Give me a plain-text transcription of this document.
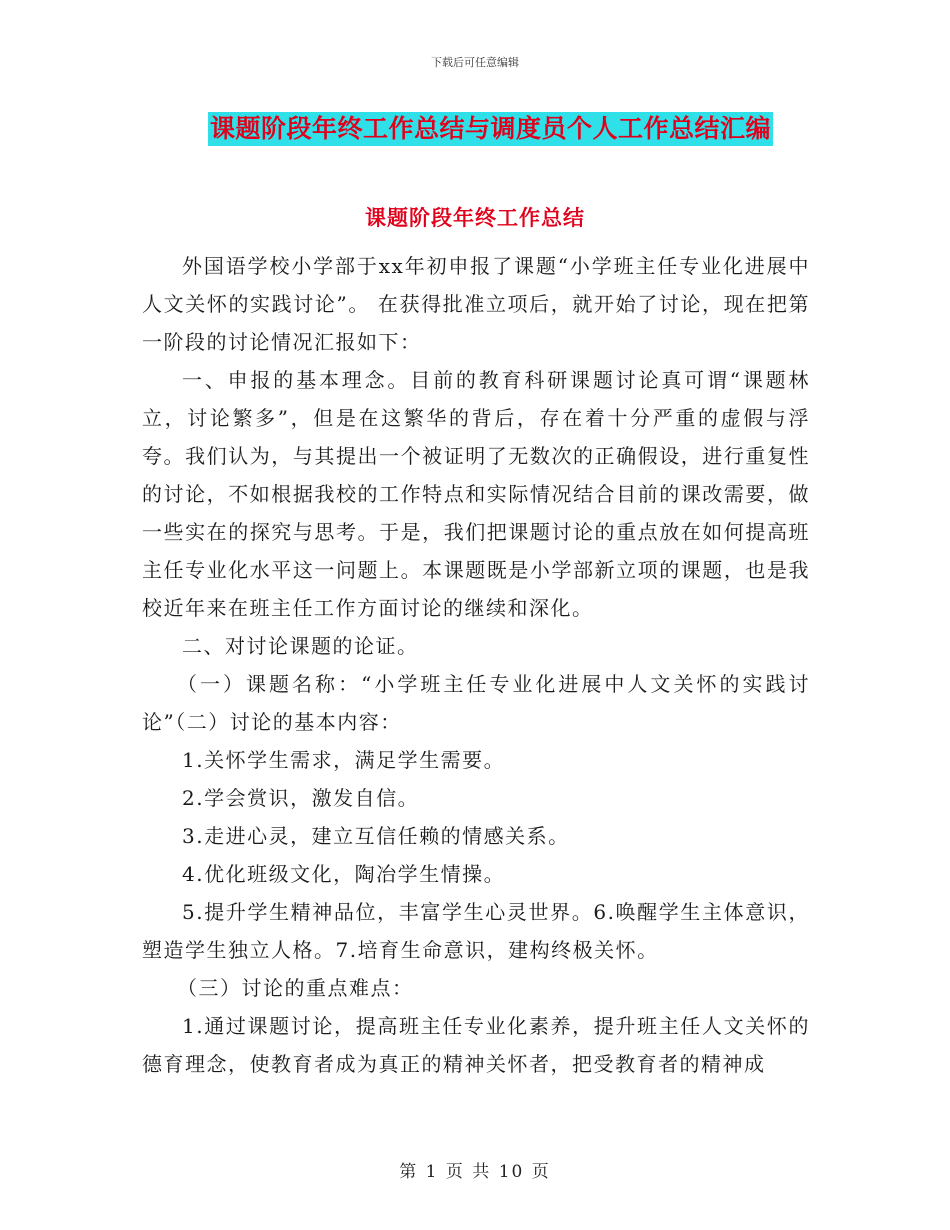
下载后可任意编辑
课题阶段年终工作总结与调度员个人工作总结汇编
课题阶段年终工作总结

外国语学校小学部于xx年初申报了课题“小学班主任专业化进展中人文关怀的实践讨论”。 在获得批准立项后，就开始了讨论，现在把第一阶段的讨论情况汇报如下：

一、申报的基本理念。目前的教育科研课题讨论真可谓“课题林立，讨论繁多”，但是在这繁华的背后，存在着十分严重的虚假与浮夸。我们认为，与其提出一个被证明了无数次的正确假设，进行重复性的讨论，不如根据我校的工作特点和实际情况结合目前的课改需要，做一些实在的探究与思考。于是，我们把课题讨论的重点放在如何提高班主任专业化水平这一问题上。本课题既是小学部新立项的课题，也是我校近年来在班主任工作方面讨论的继续和深化。

二、对讨论课题的论证。

（一）课题名称：“小学班主任专业化进展中人文关怀的实践讨论”（二）讨论的基本内容：

1.关怀学生需求，满足学生需要。

2.学会赏识，激发自信。

3.走进心灵，建立互信任赖的情感关系。

4.优化班级文化，陶冶学生情操。

5.提升学生精神品位，丰富学生心灵世界。6.唤醒学生主体意识，塑造学生独立人格。7.培育生命意识，建构终极关怀。

（三）讨论的重点难点：

1.通过课题讨论，提高班主任专业化素养，提升班主任人文关怀的德育理念，使教育者成为真正的精神关怀者，把受教育者的精神成

第 1 页 共 10 页
